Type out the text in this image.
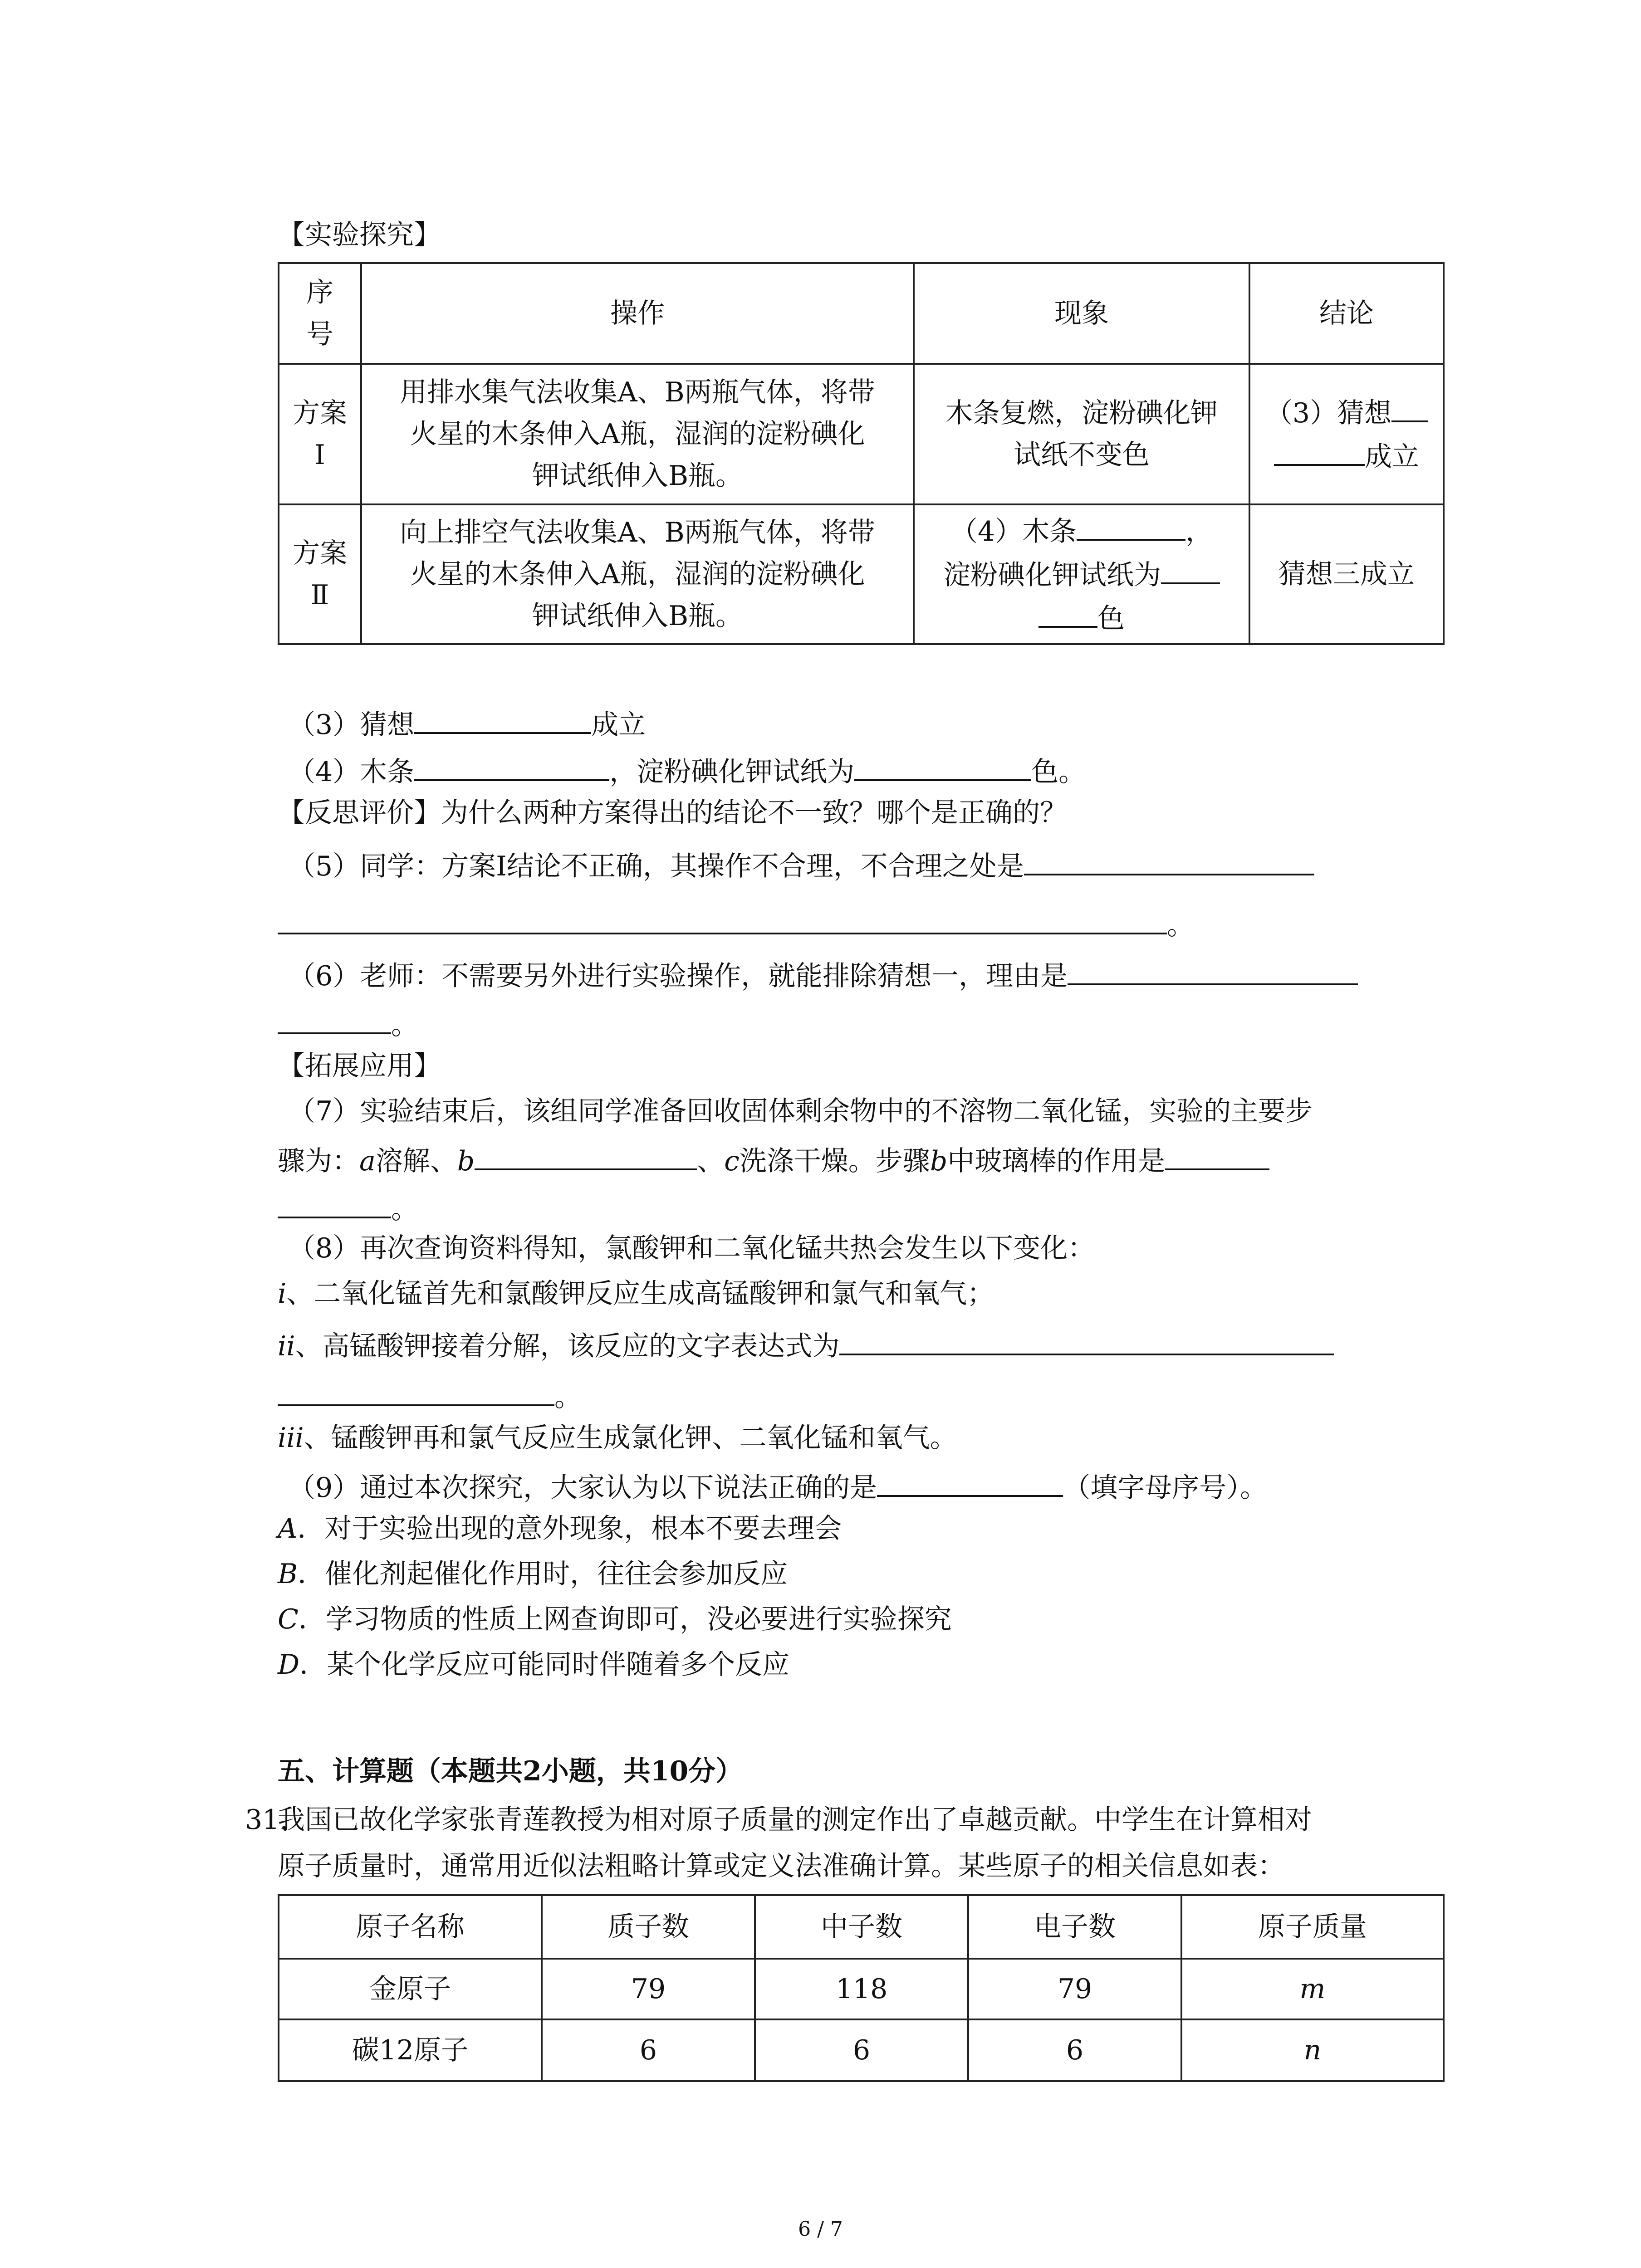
【实验探究】
序
号	操作	现象	结论

方案
Ⅰ	用排水集气法收集A、B两瓶气体，将带
火星的木条伸入A瓶，湿润的淀粉碘化
钾试纸伸入B瓶。	木条复燃，淀粉碘化钾
试纸不变色	（3）猜想
成立

方案
Ⅱ	向上排空气法收集A、B两瓶气体，将带
火星的木条伸入A瓶，湿润的淀粉碘化
钾试纸伸入B瓶。	（4）木条 ，
淀粉碘化钾试纸为
色	猜想三成立
（3）猜想	成立
（4）木条	，淀粉碘化钾试纸为	色。
【反思评价】为什么两种方案得出的结论不一致？哪个是正确的？
（5）同学：方案Ⅰ结论不正确，其操作不合理，不合理之处是
。
（6）老师：不需要另外进行实验操作，就能排除猜想一，理由是
。
【拓展应用】
（7）实验结束后，该组同学准备回收固体剩余物中的不溶物二氧化锰，实验的主要步
骤为：a溶解、b	、c洗涤干燥。步骤b中玻璃棒的作用是
。
（8）再次查询资料得知，氯酸钾和二氧化锰共热会发生以下变化：
i、二氧化锰首先和氯酸钾反应生成高锰酸钾和氯气和氧气；
ii、高锰酸钾接着分解，该反应的文字表达式为
。
iii、锰酸钾再和氯气反应生成氯化钾、二氧化锰和氧气。
（9）通过本次探究，大家认为以下说法正确的是	（填字母序号）。
A．对于实验出现的意外现象，根本不要去理会
B．催化剂起催化作用时，往往会参加反应
C．学习物质的性质上网查询即可，没必要进行实验探究
D．某个化学反应可能同时伴随着多个反应
五、计算题（本题共2小题，共10分）
31.
我国已故化学家张青莲教授为相对原子质量的测定作出了卓越贡献。中学生在计算相对
原子质量时，通常用近似法粗略计算或定义法准确计算。某些原子的相关信息如表：
原子名称	质子数	中子数	电子数	原子质量
金原子	79	118	79	m
碳12原子	6	6	6	n
6 / 7
